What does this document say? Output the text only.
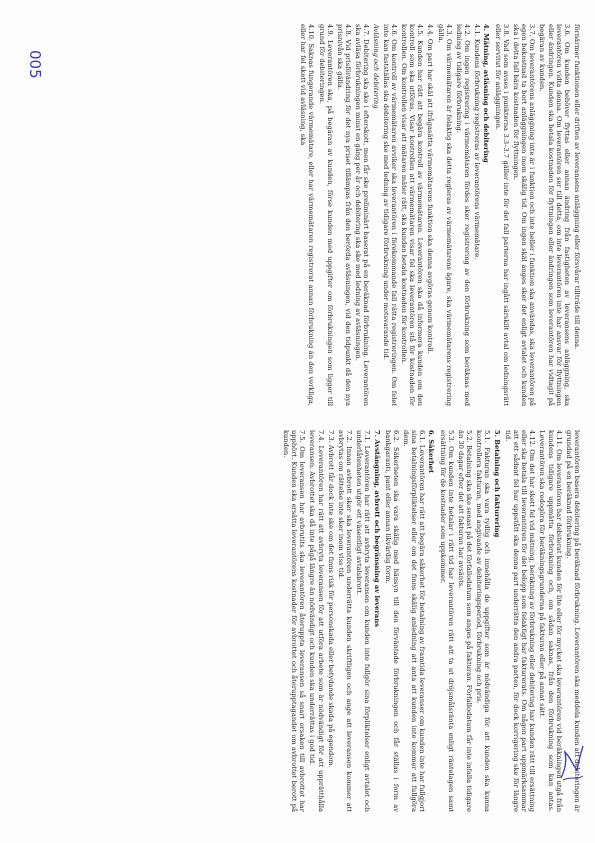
förnärmer funktionen eller driften av leveransens anläggning eller försvårar tillträde till denna.
3.6. Om kunden behöver flyttas eller annan ändring från fastigheten av leveransens anläggning, ska leverantören vidta denna. Om leverantören ser till detta, om inte leverantören inte har ansvar för flyttningen eller ändringen. Kunden ska betala kostnaden för flyttningen eller ändringen som leverantören har vidtagit på begäran av kunden.
3.7. Om leverantörens anläggning inte är i funktion och inte heller i funktion ska användas, ska leverantören på egen bekostnad ta bort anläggningen inom skälig tid. Om ingen skäl anges sker det enligt avtalet och kunden ska i detta fall bära kostnaden för flyttningen.
3.8. Vad som avses i punkterna 3.3–3.7 gäller inte för det fall parterna har ingått särskilt avtal om ledningsrätt eller servitut för anläggningen.
4. Mätning, avläsning och debitering
4.1. Kundens förbrukning registreras av leverantörens värmemätare.
4.2. Om ingen registrering i värmemätaren fördes sker registrering av den förbrukning som beräknas med ledning av tidigare förbrukning.
4.3. Om värmemätaren är felaktig ska detta regleras av värmemätarens ägare, ska värmemätarens registrering gälla.
4.4. Om part har skäl att ifrågasätta värmemätarens funktion ska denna avgöras genom kontroll.
4.5. Kunden har rätt att begära kontroll av värmemätaren. Leverantören ska då informera kunden om den kontroll som ska utföras. Visar kontrollen att värmemätaren visar fel ska leverantören stå för kostnaden för kontrollen. Om kontrollen visar att mätaren mäter rätt, ska kunden betala kostnaden för kontrollen.
4.6. Om kontroll av värmemätaren avviker ska leverantören i förekommande fall rätta registreringen. Om felet inte kan fastställas ska debitering ske med ledning av tidigare förbrukning under motsvarande tid.
Avläsning och debitering
4.7. Debitering ska ske i efterskott, men får ske preliminärt baserat på en beräknad förbrukning. Leverantören ska avläsa förbrukningen minst en gång per år och debitering ska ske med ledning av avläsningen.
4.8. Vid prisförändring för det nya priset tillämpas från den berörda avläsningen, vid den tidpunkt då den nya prisnivån ska gälla.
4.9. Leverantören ska, på begäran av kunden, förse kunden med uppgifter om förbrukningen som ligger till grund för debiteringen.
4.10. Saknas fungerande värmemätare, eller har värmemätaren registrerat annan förbrukning än den verkliga, eller har fel skett vid avläsning, ska
leverantören basera debitering på beräknad förbrukning. Leverantören ska meddela kunden att debiteringen är grundad på en beräknad förbrukning.
4.11. Om leverantören har debiterat kunden för lite eller för mycket ska leverantören vid beräkningen utgå från kundens tidigare uppmätta förbrukning och, om sådan saknas, från den förbrukning som kan antas. Leverantören ska redogöra för beräkningsgrunderna på fakturan eller på annat sätt.
4.12. Om det har skett fel vid mätning, beräkning av förbrukning eller debitering har kunden rätt till ersättning eller ska betala till leverantören för det belopp som felaktigt har fakturerats. Om någon part uppmärksammar att ett sådant fel har uppstått ska denna part underrätta den andra parten, för dock korrigering ske för längre tid.
5. Betalning och fakturering
5.1. Fakturan ska vara tydlig och innehålla de uppgifter som är nödvändiga för att kunden ska kunna kontrollera fakturan, med angivande av debiteringsperiod, förbrukning och pris.
5.2. Betalning ska ske senast på det förfallodatum som anges på fakturan. Förfallodatum får inte infalla tidigare än 30 dagar efter det att fakturan har avsänts.
5.3. Om kunden inte betalar i rätt tid har leverantören rätt att ta ut dröjsmålsränta enligt räntelagen samt ersättning för de kostnader som uppkommer.
6. Säkerhet
6.1. Leverantören har rätt att begära säkerhet för betalning av framtida leveranser om kunden inte har fullgjort sina betalningsförpliktelser eller om det finns skälig anledning att anta att kunden inte kommer att fullgöra dem.
6.2. Säkerheten ska vara skälig med hänsyn till den förväntade förbrukningen och får ställas i form av bankgaranti, pant eller annan likvärdig form.
7. Avstängning, avbrott och begränsning av leverans
7.1. Leverantören har rätt att avbryta leveransen om kunden inte fullgör sina förpliktelser enligt avtalet och underlåtenheten utgör ett väsentligt avtalsbrott.
7.2. Innan avbrott sker ska leverantören underrätta kunden skriftligen och ange att leveransen kommer att avbrytas om rättelse inte sker inom viss tid.
7.3. Avbrott får dock inte ske om det finns risk för personskada eller betydande skada på egendom.
7.4. Leverantören har rätt att avbryta leveransen för att utföra arbete som är nödvändigt för att upprätthålla leveransen. Avbrottet ska då inte pågå längre än nödvändigt och kunden ska underrättas i god tid.
7.5. Om leveransen har avbrutits ska leverantören återuppta leveransen så snart orsaken till avbrottet har upphört. Kunden ska ersätta leverantörens kostnader för avbrottet och återupptagandet om avbrottet berott på kunden.
005
